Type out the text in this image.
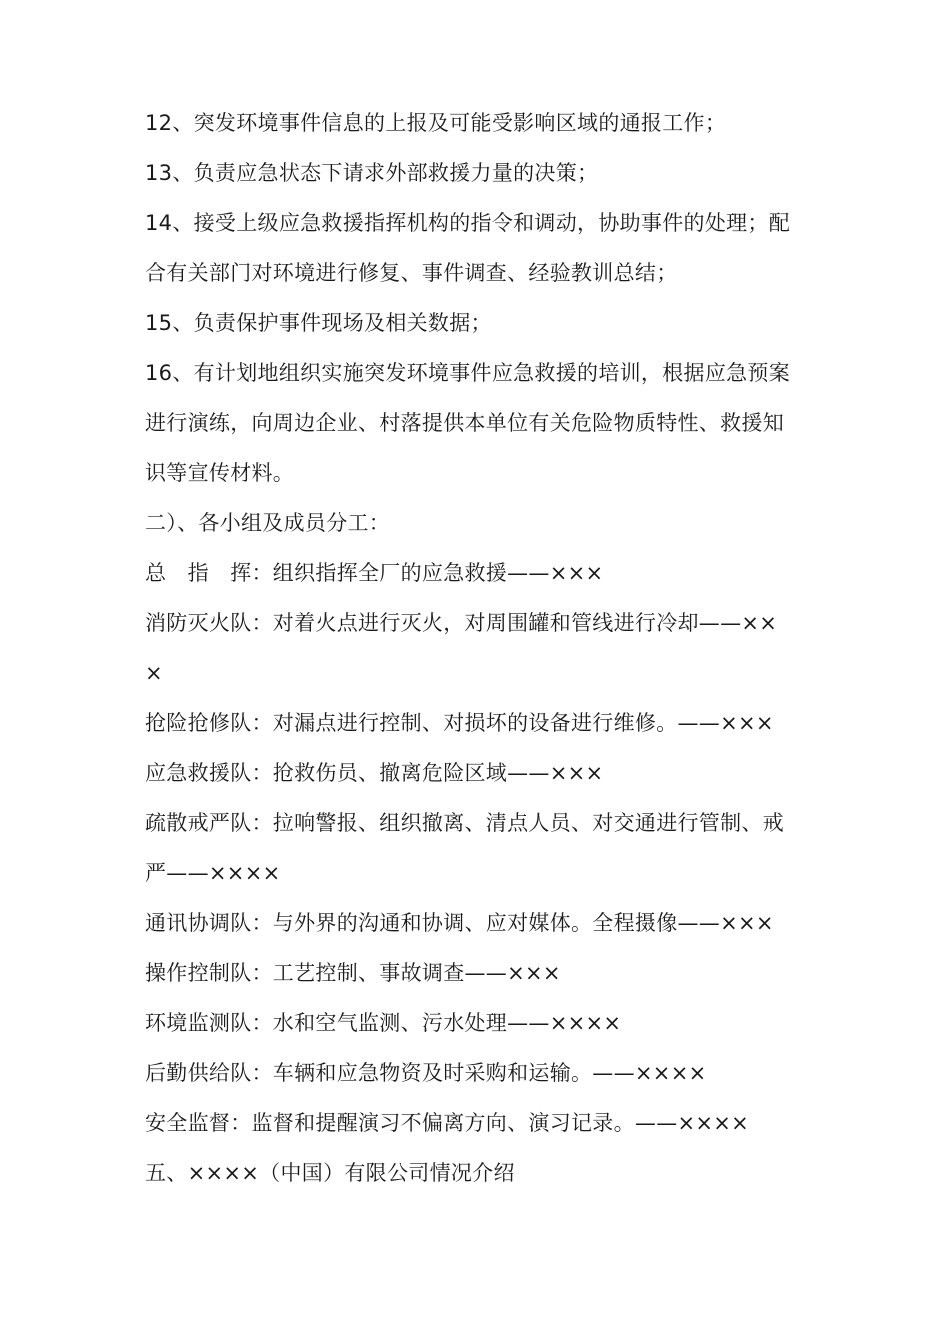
12、突发环境事件信息的上报及可能受影响区域的通报工作；
13、负责应急状态下请求外部救援力量的决策；
14、接受上级应急救援指挥机构的指令和调动，协助事件的处理；配
合有关部门对环境进行修复、事件调查、经验教训总结；
15、负责保护事件现场及相关数据；
16、有计划地组织实施突发环境事件应急救援的培训，根据应急预案
进行演练，向周边企业、村落提供本单位有关危险物质特性、救援知
识等宣传材料。
二）、各小组及成员分工：
总　指　挥：组织指挥全厂的应急救援——×××
消防灭火队：对着火点进行灭火，对周围罐和管线进行冷却——××
×
抢险抢修队：对漏点进行控制、对损坏的设备进行维修。——×××
应急救援队：抢救伤员、撤离危险区域——×××
疏散戒严队：拉响警报、组织撤离、清点人员、对交通进行管制、戒
严——××××
通讯协调队：与外界的沟通和协调、应对媒体。全程摄像——×××
操作控制队：工艺控制、事故调查——×××
环境监测队：水和空气监测、污水处理——××××
后勤供给队：车辆和应急物资及时采购和运输。——××××
安全监督：监督和提醒演习不偏离方向、演习记录。——××××
五、××××（中国）有限公司情况介绍
